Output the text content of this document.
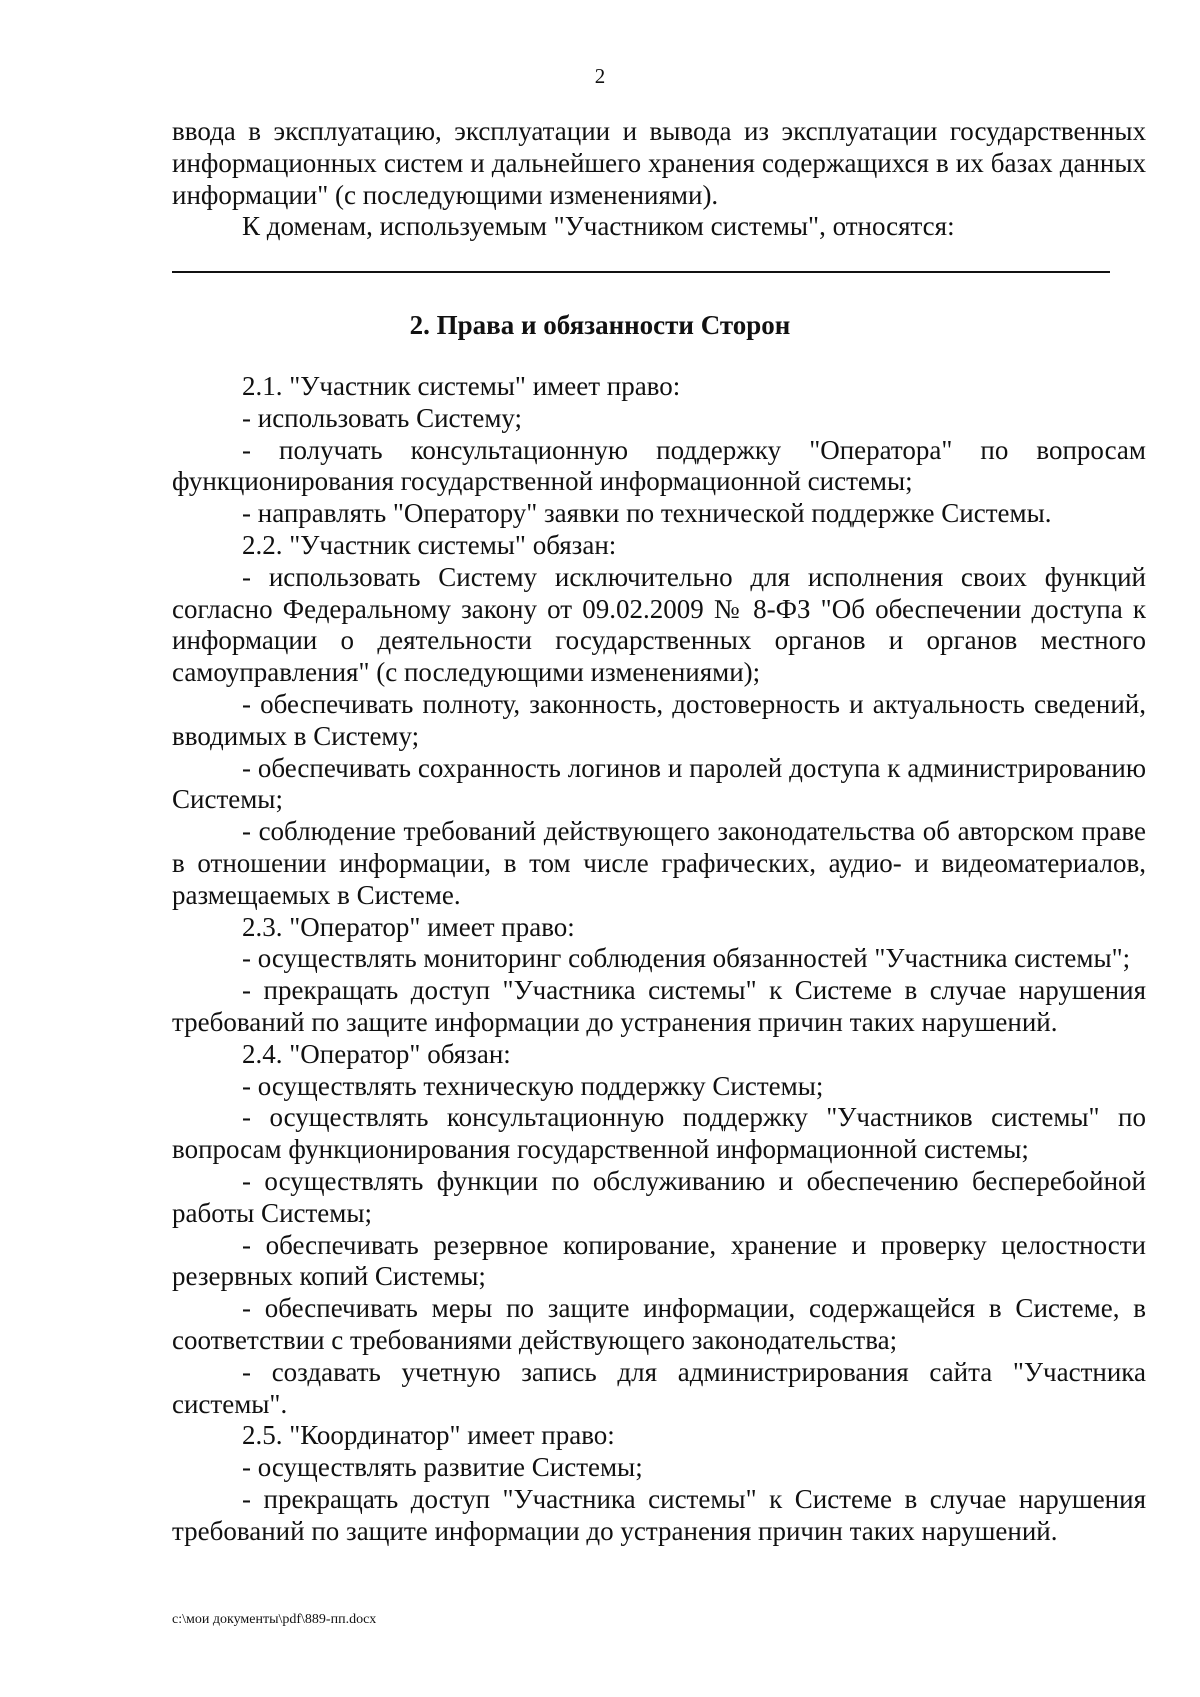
2

ввода в эксплуатацию, эксплуатации и вывода из эксплуатации государственных информационных систем и дальнейшего хранения содержащихся в их базах данных информации" (с последующими изменениями).

К доменам, используемым "Участником системы", относятся:

2. Права и обязанности Сторон

2.1. "Участник системы" имеет право:

- использовать Систему;

- получать консультационную поддержку "Оператора" по вопросам функционирования государственной информационной системы;

- направлять "Оператору" заявки по технической поддержке Системы.

2.2. "Участник системы" обязан:

- использовать Систему исключительно для исполнения своих функций согласно Федеральному закону от 09.02.2009 № 8-ФЗ "Об обеспечении доступа к информации о деятельности государственных органов и органов местного самоуправления" (с последующими изменениями);

- обеспечивать полноту, законность, достоверность и актуальность сведений, вводимых в Систему;

- обеспечивать сохранность логинов и паролей доступа к администрированию Системы;

- соблюдение требований действующего законодательства об авторском праве в отношении информации, в том числе графических, аудио- и видеоматериалов, размещаемых в Системе.

2.3. "Оператор" имеет право:

- осуществлять мониторинг соблюдения обязанностей "Участника системы";

- прекращать доступ "Участника системы" к Системе в случае нарушения требований по защите информации до устранения причин таких нарушений.

2.4. "Оператор" обязан:

- осуществлять техническую поддержку Системы;

- осуществлять консультационную поддержку "Участников системы" по вопросам функционирования государственной информационной системы;

- осуществлять функции по обслуживанию и обеспечению бесперебойной работы Системы;

- обеспечивать резервное копирование, хранение и проверку целостности резервных копий Системы;

- обеспечивать меры по защите информации, содержащейся в Системе, в соответствии с требованиями действующего законодательства;

- создавать учетную запись для администрирования сайта "Участника системы".

2.5. "Координатор" имеет право:

- осуществлять развитие Системы;

- прекращать доступ "Участника системы" к Системе в случае нарушения требований по защите информации до устранения причин таких нарушений.

c:\мои документы\pdf\889-пп.docx
